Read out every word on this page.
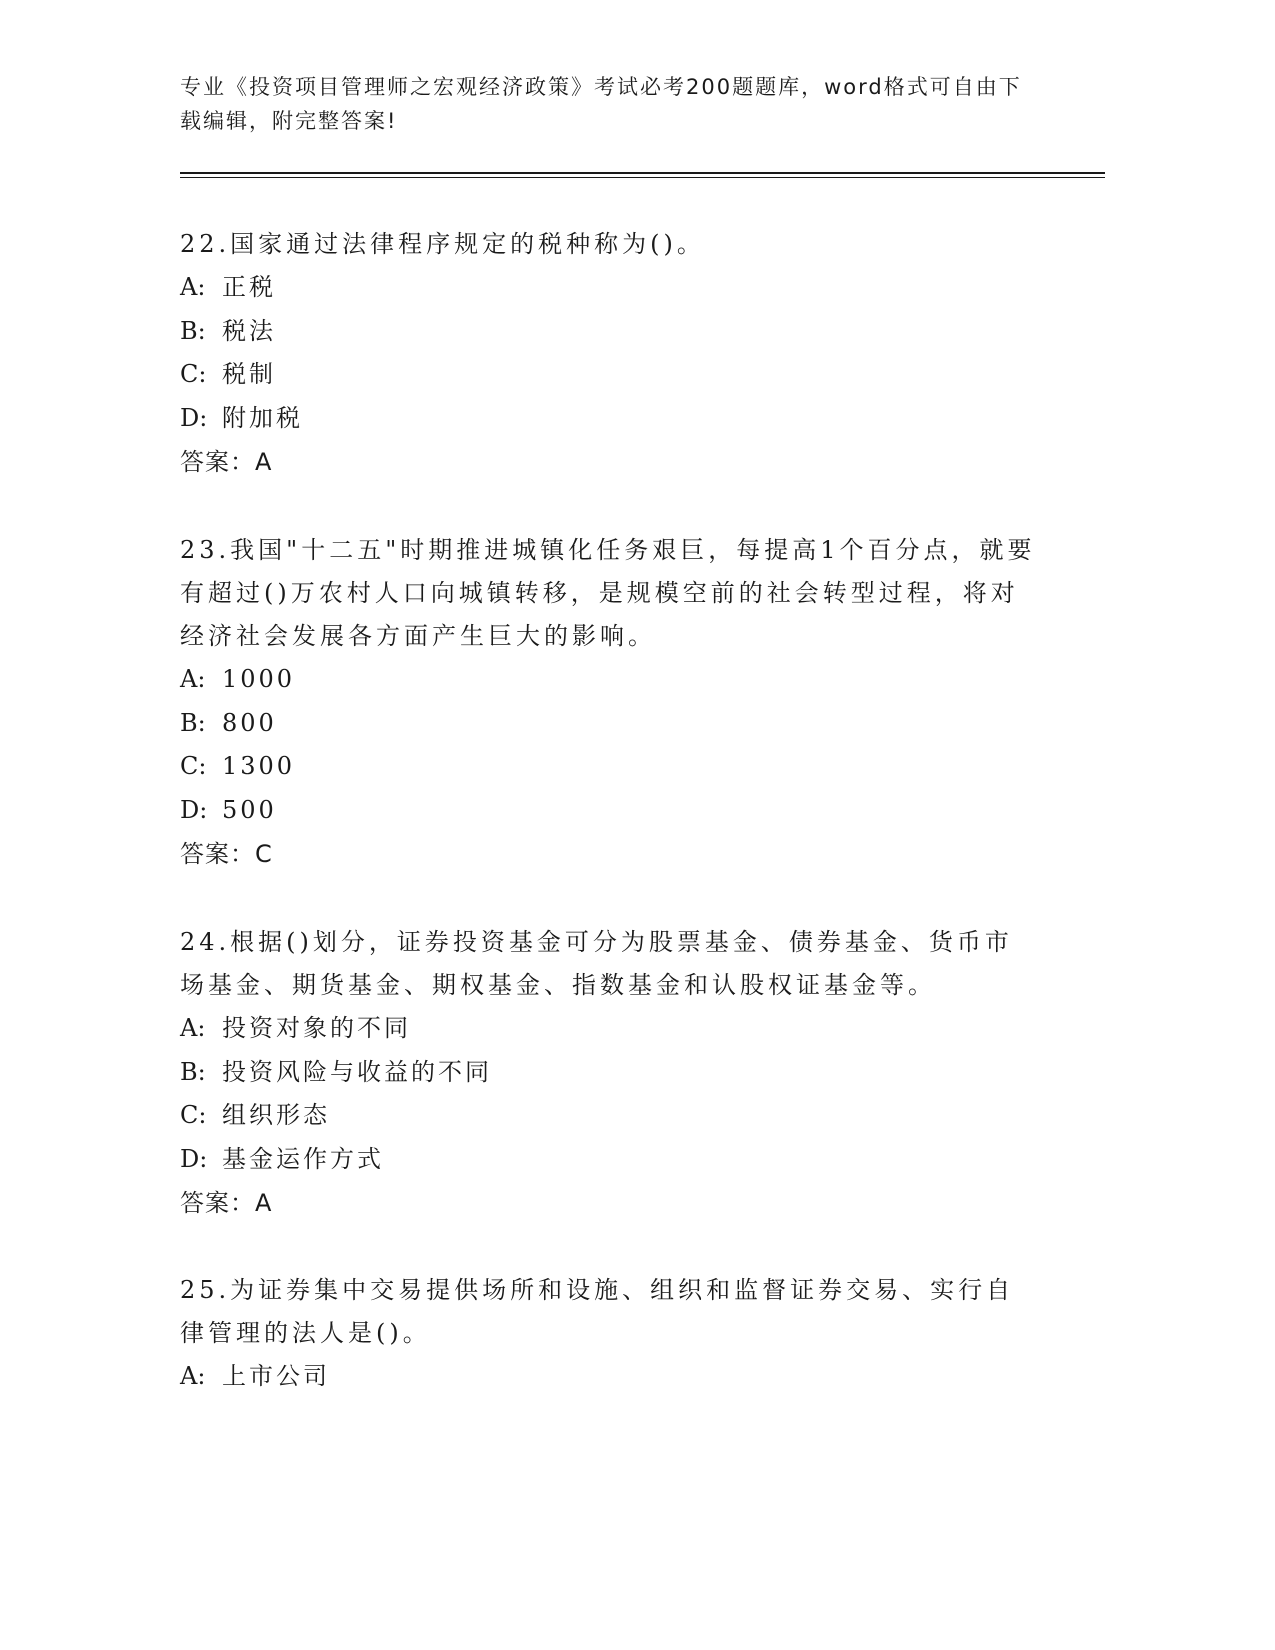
专业《投资项目管理师之宏观经济政策》考试必考200题题库，word格式可自由下载编辑，附完整答案!

22.国家通过法律程序规定的税种称为()。

A: 正税

B: 税法

C: 税制

D: 附加税

答案：A

23.我国"十二五"时期推进城镇化任务艰巨，每提高1个百分点，就要有超过()万农村人口向城镇转移，是规模空前的社会转型过程，将对经济社会发展各方面产生巨大的影响。

A: 1000

B: 800

C: 1300

D: 500

答案：C

24.根据()划分，证券投资基金可分为股票基金、债券基金、货币市场基金、期货基金、期权基金、指数基金和认股权证基金等。

A: 投资对象的不同

B: 投资风险与收益的不同

C: 组织形态

D: 基金运作方式

答案：A

25.为证券集中交易提供场所和设施、组织和监督证券交易、实行自律管理的法人是()。

A: 上市公司
